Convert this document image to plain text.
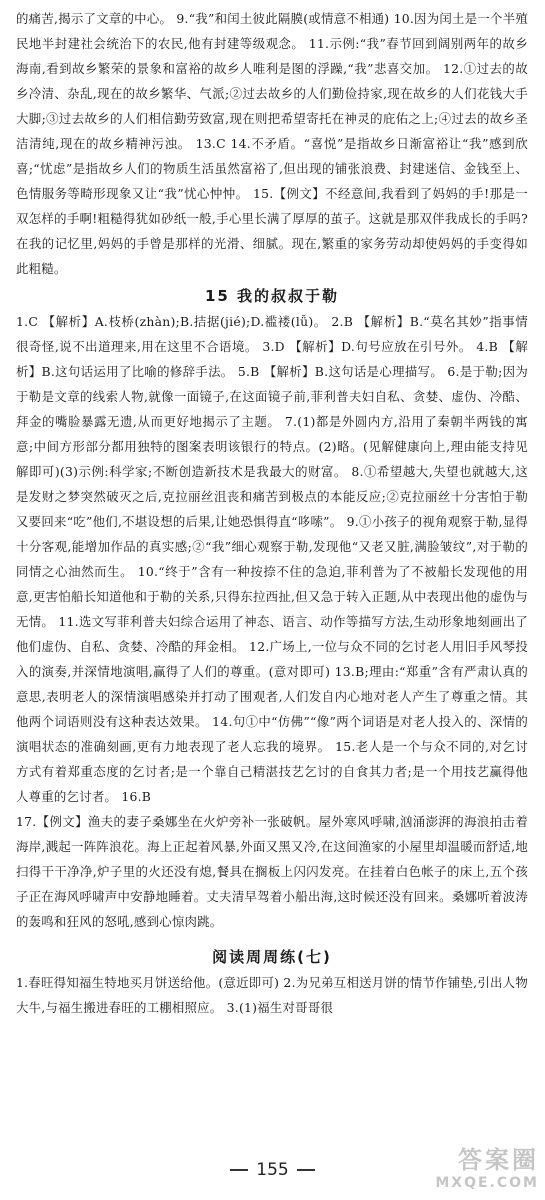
的痛苦,揭示了文章的中心。 9.“我”和闰土彼此隔膜(或情意不相通) 10.因为闰土是一个半殖民地半封建社会统治下的农民,他有封建等级观念。 11.示例:“我”春节回到阔别两年的故乡海南,看到故乡繁荣的景象和富裕的故乡人唯利是图的浮躁,“我”悲喜交加。 12.①过去的故乡冷清、杂乱,现在的故乡繁华、气派;②过去故乡的人们勤俭持家,现在故乡的人们花钱大手大脚;③过去故乡的人们相信勤劳致富,现在则把希望寄托在神灵的庇佑之上;④过去的故乡圣洁清纯,现在的故乡精神污浊。 13.C 14.不矛盾。“喜悦”是指故乡日渐富裕让“我”感到欣喜;“忧虑”是指故乡人们的物质生活虽然富裕了,但出现的铺张浪费、封建迷信、金钱至上、色情服务等畸形现象又让“我”忧心忡忡。 15.【例文】不经意间,我看到了妈妈的手!那是一双怎样的手啊!粗糙得犹如砂纸一般,手心里长满了厚厚的茧子。这就是那双伴我成长的手吗?在我的记忆里,妈妈的手曾是那样的光滑、细腻。现在,繁重的家务劳动却使妈妈的手变得如此粗糙。

15 我的叔叔于勒

1.C 【解析】A.枝桥(zhàn);B.拮据(jié);D.褴褛(lǚ)。 2.B 【解析】B.“莫名其妙”指事情很奇怪,说不出道理来,用在这里不合语境。 3.D 【解析】D.句号应放在引号外。 4.B 【解析】B.这句话运用了比喻的修辞手法。 5.B 【解析】B.这句话是心理描写。 6.是于勒;因为于勒是文章的线索人物,就像一面镜子,在这面镜子前,菲利普夫妇自私、贪婪、虚伪、冷酷、拜金的嘴脸暴露无遗,从而更好地揭示了主题。 7.(1)都是外圆内方,沿用了秦朝半两钱的寓意;中间方形部分都用独特的图案表明该银行的特点。(2)略。(见解健康向上,理由能支持见解即可)(3)示例:科学家;不断创造新技术是我最大的财富。 8.①希望越大,失望也就越大,这是发财之梦突然破灭之后,克拉丽丝沮丧和痛苦到极点的本能反应;②克拉丽丝十分害怕于勒又要回来“吃”他们,不堪设想的后果,让她恐惧得直“哆嗦”。 9.①小孩子的视角观察于勒,显得十分客观,能增加作品的真实感;②“我”细心观察于勒,发现他“又老又脏,满脸皱纹”,对于勒的同情之心油然而生。 10.“终于”含有一种按捺不住的急迫,菲利普为了不被船长发现他的用意,更害怕船长知道他和于勒的关系,只得东拉西扯,但又急于转入正题,从中表现出他的虚伪与无情。 11.选文写菲利普夫妇综合运用了神态、语言、动作等描写方法,生动形象地刻画出了他们虚伪、自私、贪婪、冷酷的拜金相。 12.广场上,一位与众不同的乞讨老人用旧手风琴投入的演奏,并深情地演唱,赢得了人们的尊重。(意对即可) 13.B;理由:“郑重”含有严肃认真的意思,表明老人的深情演唱感染并打动了围观者,人们发自内心地对老人产生了尊重之情。其他两个词语则没有这种表达效果。 14.句①中“仿佛”“像”两个词语是对老人投入的、深情的演唱状态的准确刻画,更有力地表现了老人忘我的境界。 15.老人是一个与众不同的,对乞讨方式有着郑重态度的乞讨者;是一个靠自己精湛技艺乞讨的自食其力者;是一个用技艺赢得他人尊重的乞讨者。 16.B
17.【例文】渔夫的妻子桑娜坐在火炉旁补一张破帆。屋外寒风呼啸,汹涌澎湃的海浪拍击着海岸,溅起一阵阵浪花。海上正起着风暴,外面又黑又冷,在这间渔家的小屋里却温暖而舒适,地扫得干干净净,炉子里的火还没有熄,餐具在搁板上闪闪发亮。在挂着白色帐子的床上,五个孩子正在海风呼啸声中安静地睡着。丈夫清早驾着小船出海,这时候还没有回来。桑娜听着波涛的轰鸣和狂风的怒吼,感到心惊肉跳。

阅读周周练(七)

1.春旺得知福生特地买月饼送给他。(意近即可) 2.为兄弟互相送月饼的情节作铺垫,引出人物大牛,与福生搬进春旺的工棚相照应。 3.(1)福生对哥哥很

155	答案圈
MXQE.COM
